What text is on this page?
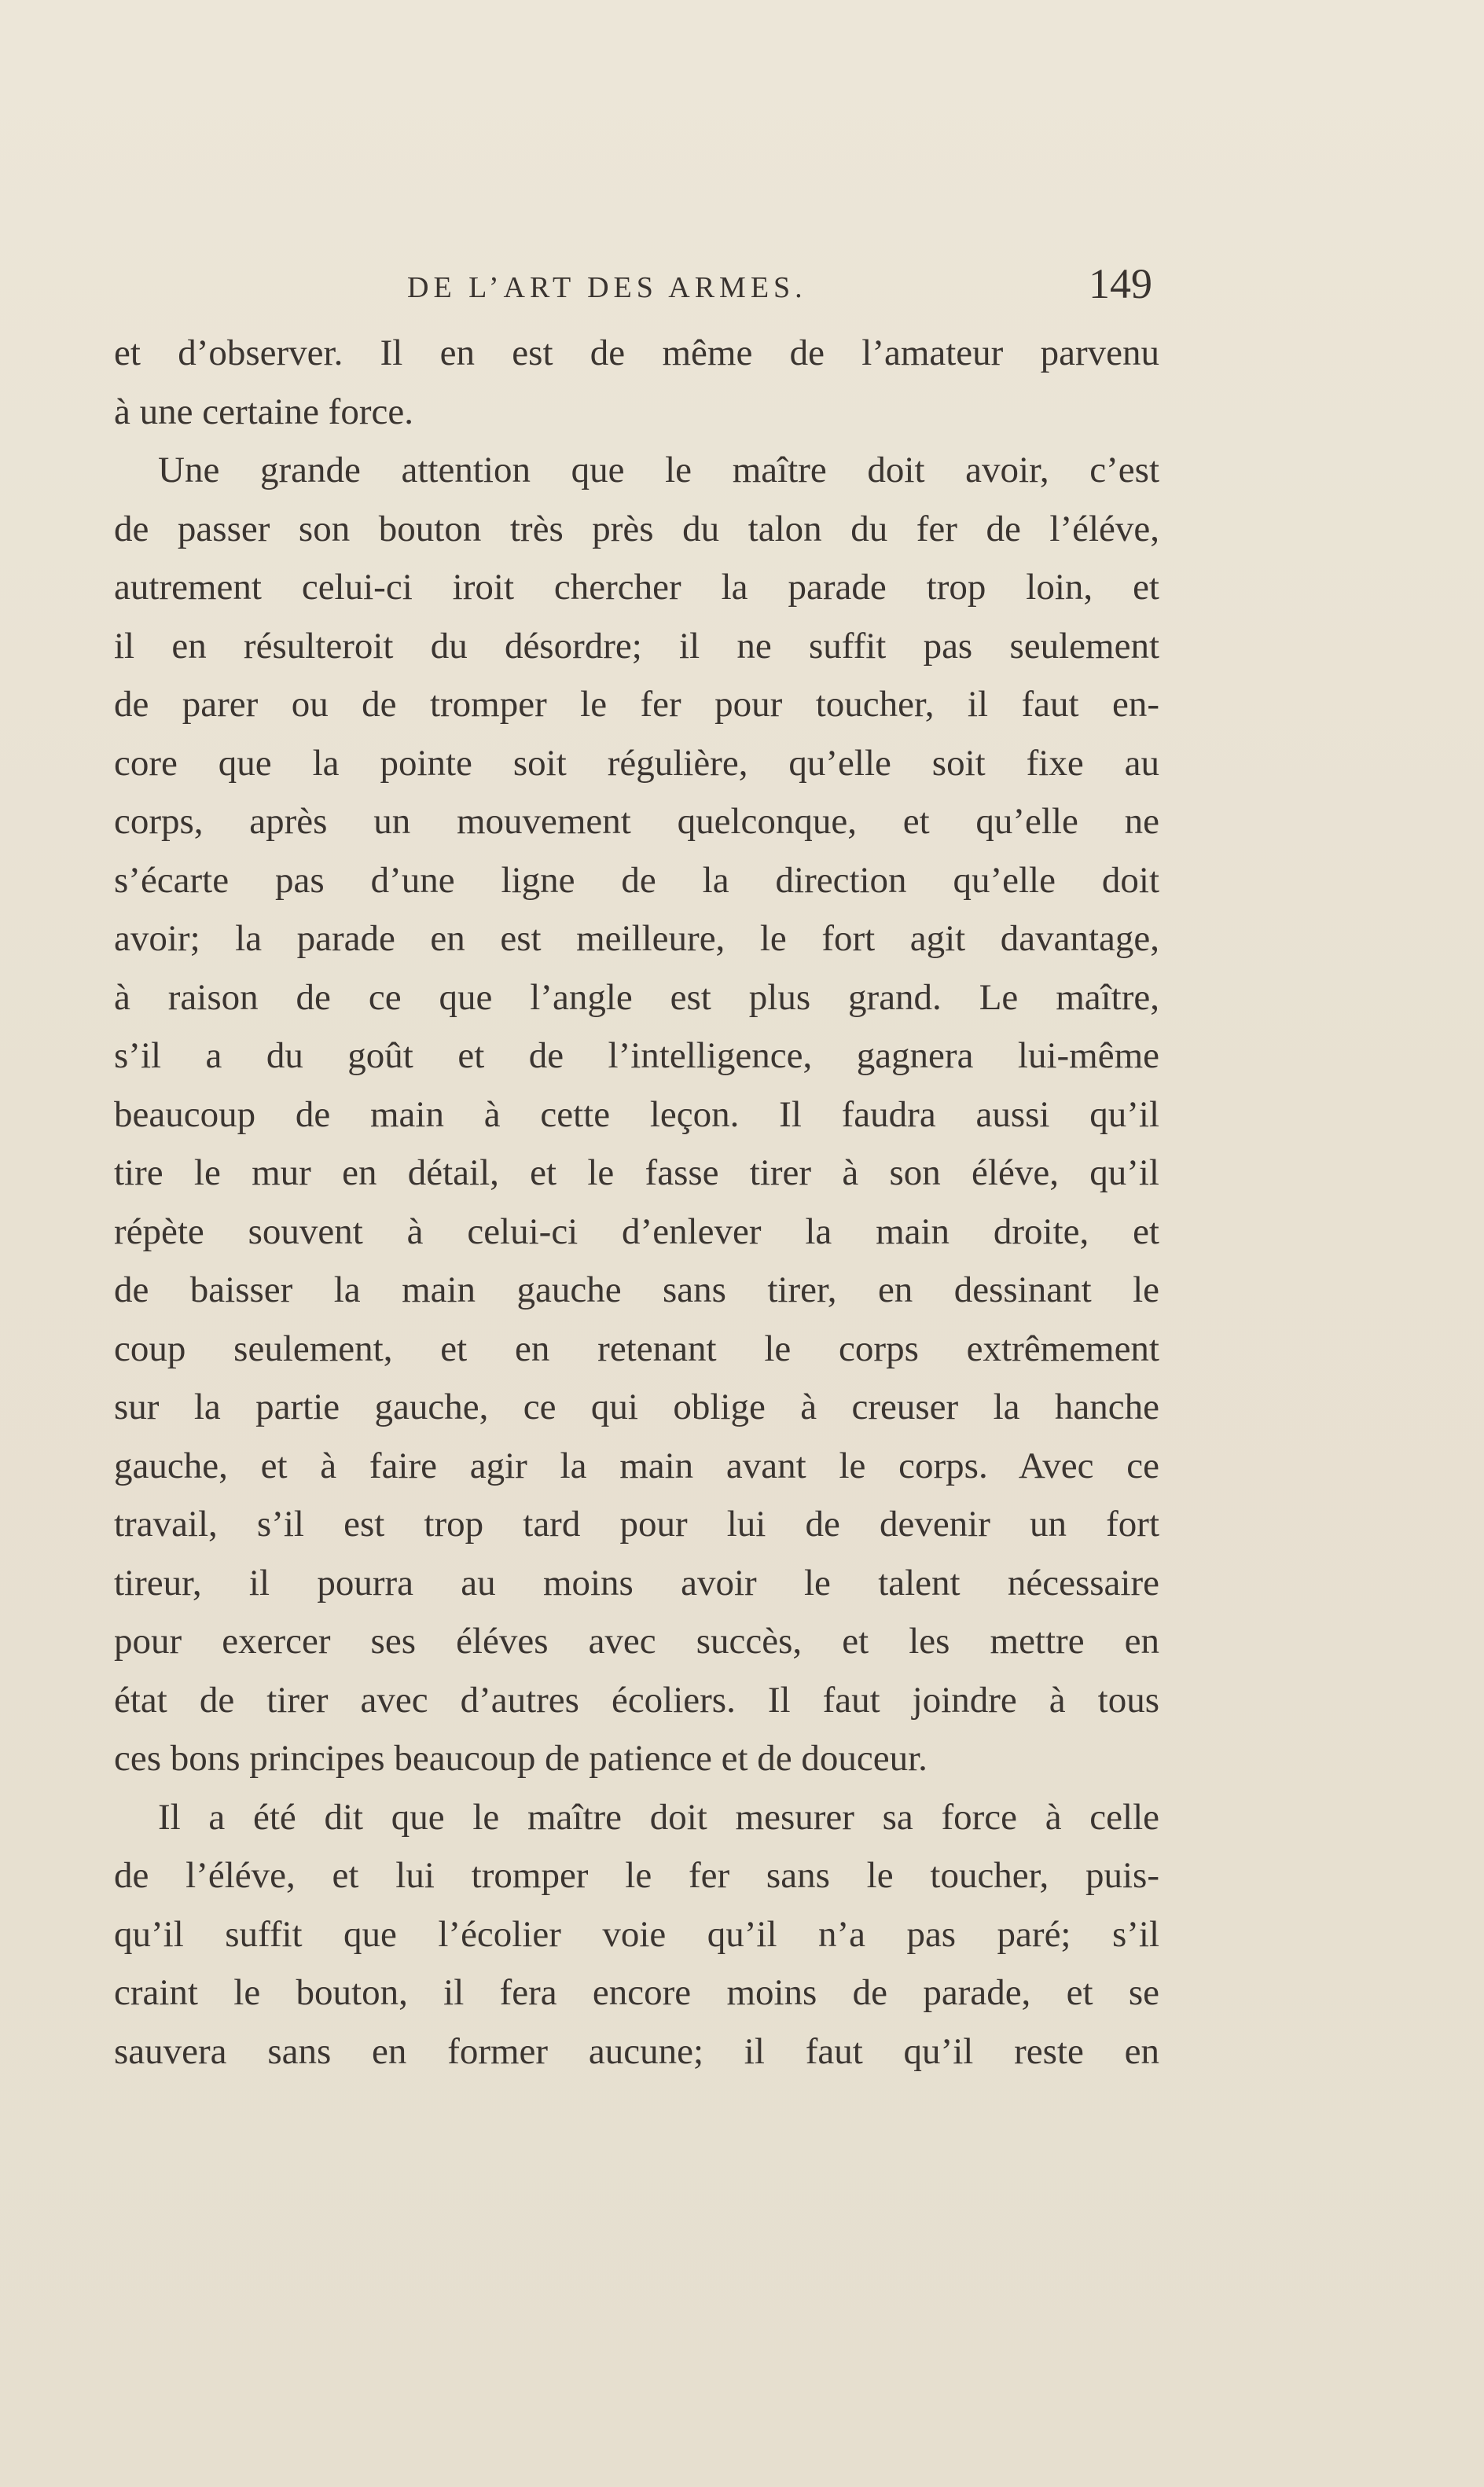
DE L’ART DES ARMES.	149
et d’observer. Il en est de même de l’amateur parvenu
à une certaine force.
Une grande attention que le maître doit avoir, c’est
de passer son bouton très près du talon du fer de l’éléve,
autrement celui-ci iroit chercher la parade trop loin, et
il en résulteroit du désordre; il ne suffit pas seulement
de parer ou de tromper le fer pour toucher, il faut en-
core que la pointe soit régulière, qu’elle soit fixe au
corps, après un mouvement quelconque, et qu’elle ne
s’écarte pas d’une ligne de la direction qu’elle doit
avoir; la parade en est meilleure, le fort agit davantage,
à raison de ce que l’angle est plus grand. Le maître,
s’il a du goût et de l’intelligence, gagnera lui-même
beaucoup de main à cette leçon. Il faudra aussi qu’il
tire le mur en détail, et le fasse tirer à son éléve, qu’il
répète souvent à celui-ci d’enlever la main droite, et
de baisser la main gauche sans tirer, en dessinant le
coup seulement, et en retenant le corps extrêmement
sur la partie gauche, ce qui oblige à creuser la hanche
gauche, et à faire agir la main avant le corps. Avec ce
travail, s’il est trop tard pour lui de devenir un fort
tireur, il pourra au moins avoir le talent nécessaire
pour exercer ses éléves avec succès, et les mettre en
état de tirer avec d’autres écoliers. Il faut joindre à tous
ces bons principes beaucoup de patience et de douceur.
Il a été dit que le maître doit mesurer sa force à celle
de l’éléve, et lui tromper le fer sans le toucher, puis-
qu’il suffit que l’écolier voie qu’il n’a pas paré; s’il
craint le bouton, il fera encore moins de parade, et se
sauvera sans en former aucune; il faut qu’il reste en
